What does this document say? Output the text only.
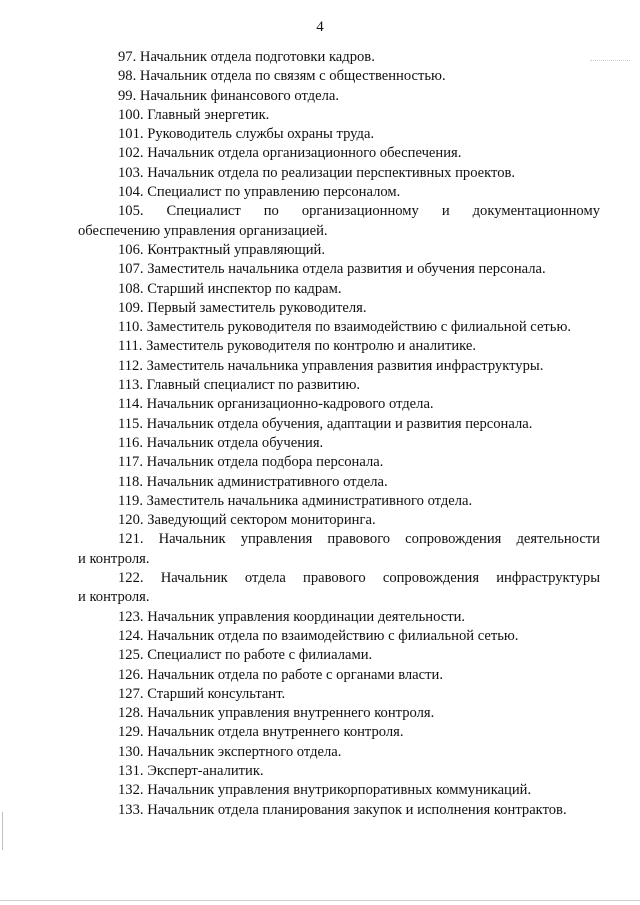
4
97. Начальник отдела подготовки кадров.
98. Начальник отдела по связям с общественностью.
99. Начальник финансового отдела.
100. Главный энергетик.
101. Руководитель службы охраны труда.
102. Начальник отдела организационного обеспечения.
103. Начальник отдела по реализации перспективных проектов.
104. Специалист по управлению персоналом.
105. Специалист по организационному и документационному
обеспечению управления организацией.
106. Контрактный управляющий.
107. Заместитель начальника отдела развития и обучения персонала.
108. Старший инспектор по кадрам.
109. Первый заместитель руководителя.
110. Заместитель руководителя по взаимодействию с филиальной сетью.
111. Заместитель руководителя по контролю и аналитике.
112. Заместитель начальника управления развития инфраструктуры.
113. Главный специалист по развитию.
114. Начальник организационно-кадрового отдела.
115. Начальник отдела обучения, адаптации и развития персонала.
116. Начальник отдела обучения.
117. Начальник отдела подбора персонала.
118. Начальник административного отдела.
119. Заместитель начальника административного отдела.
120. Заведующий сектором мониторинга.
121. Начальник управления правового сопровождения деятельности
и контроля.
122. Начальник отдела правового сопровождения инфраструктуры
и контроля.
123. Начальник управления координации деятельности.
124. Начальник отдела по взаимодействию с филиальной сетью.
125. Специалист по работе с филиалами.
126. Начальник отдела по работе с органами власти.
127. Старший консультант.
128. Начальник управления внутреннего контроля.
129. Начальник отдела внутреннего контроля.
130. Начальник экспертного отдела.
131. Эксперт-аналитик.
132. Начальник управления внутрикорпоративных коммуникаций.
133. Начальник отдела планирования закупок и исполнения контрактов.
